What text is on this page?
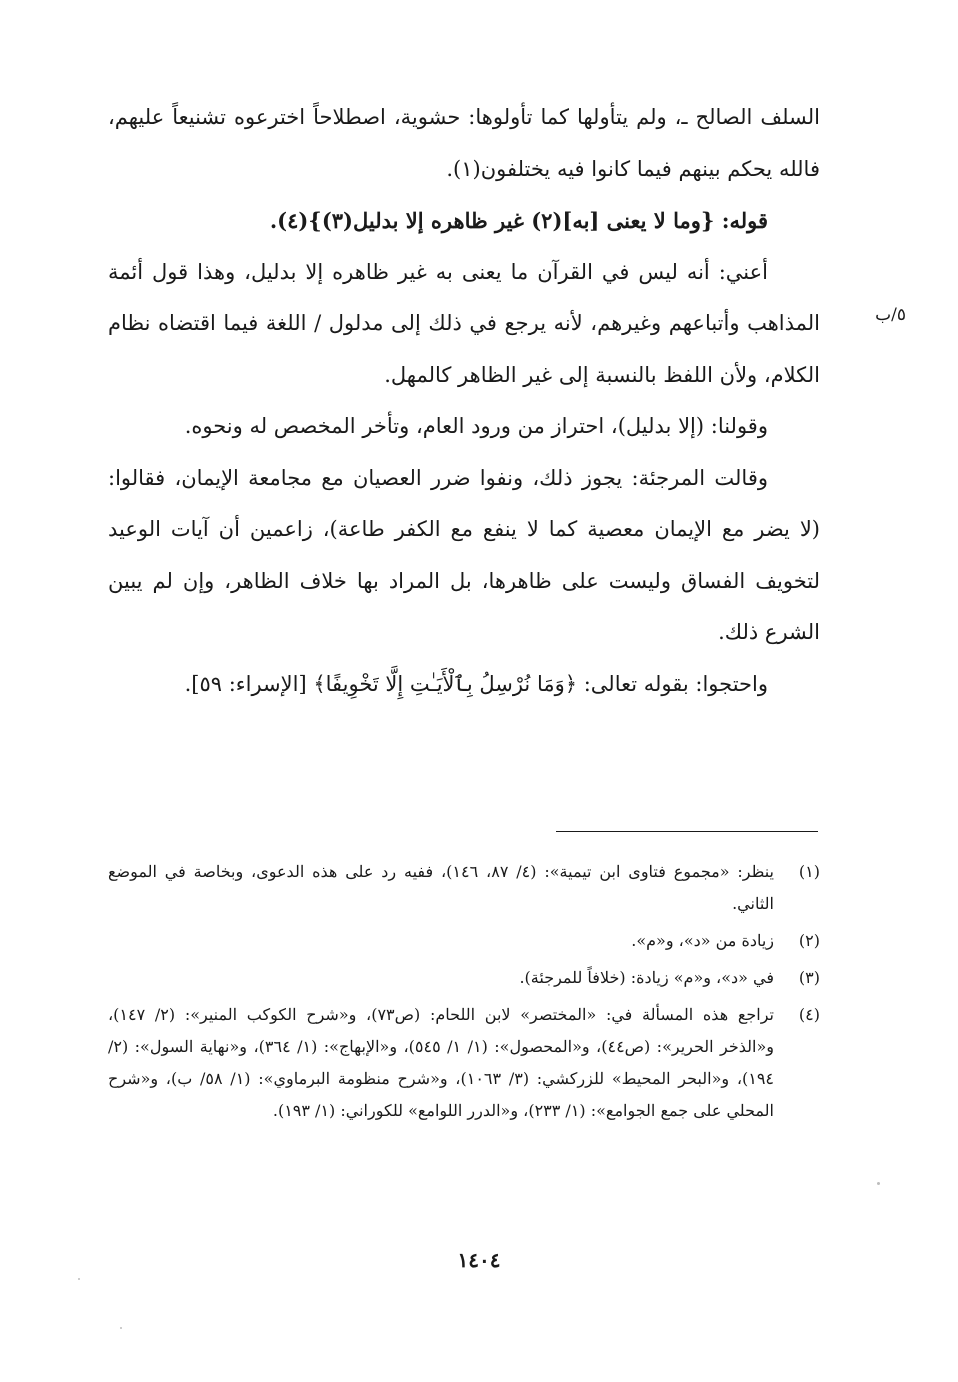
السلف الصالح ـ، ولم يتأولها كما تأولوها: حشوية، اصطلاحاً اخترعوه تشنيعاً عليهم، فالله يحكم بينهم فيما كانوا فيه يختلفون(١).

قوله: {وما لا يعنى [به](٢) غير ظاهره إلا بدليل(٣)}(٤).

أعني: أنه ليس في القرآن ما يعنى به غير ظاهره إلا بدليل، وهذا قول أئمة المذاهب وأتباعهم وغيرهم، لأنه يرجع في ذلك إلى مدلول / اللغة فيما اقتضاه نظام الكلام، ولأن اللفظ بالنسبة إلى غير الظاهر كالمهل.

وقولنا: (إلا بدليل)، احتراز من ورود العام، وتأخر المخصص له ونحوه.

وقالت المرجئة: يجوز ذلك، ونفوا ضرر العصيان مع مجامعة الإيمان، فقالوا: (لا يضر مع الإيمان معصية كما لا ينفع مع الكفر طاعة)، زاعمين أن آيات الوعيد لتخويف الفساق وليست على ظاهرها، بل المراد بها خلاف الظاهر، وإن لم يبين الشرع ذلك.

واحتجوا: بقوله تعالى: ﴿وَمَا نُرْسِلُ بِٱلْأَيَـٰتِ إِلَّا تَخْوِيفًا﴾ [الإسراء: ٥٩].

٥/ب
(١)
ينظر: «مجموع فتاوى ابن تيمية»: (٤/ ٨٧، ١٤٦)، ففيه رد على هذه الدعوى، وبخاصة في الموضع الثاني.
(٢)
زيادة من «د»، و«م».
(٣)
في «د»، و«م» زيادة: (خلافاً للمرجئة).
(٤)
تراجع هذه المسألة في: «المختصر» لابن اللحام: (ص٧٣)، و«شرح الكوكب المنير»: (٢/ ١٤٧)، و«الذخر الحرير»: (ص٤٤)، و«المحصول»: (١/ ١/ ٥٤٥)، و«الإبهاج»: (١/ ٣٦٤)، و«نهاية السول»: (٢/ ١٩٤)، و«البحر المحيط» للزركشي: (٣/ ١٠٦٣)، و«شرح منظومة البرماوي»: (١/ ٥٨/ ب)، و«شرح المحلي على جمع الجوامع»: (١/ ٢٣٣)، و«الدرر اللوامع» للكوراني: (١/ ١٩٣).
١٤٠٤
